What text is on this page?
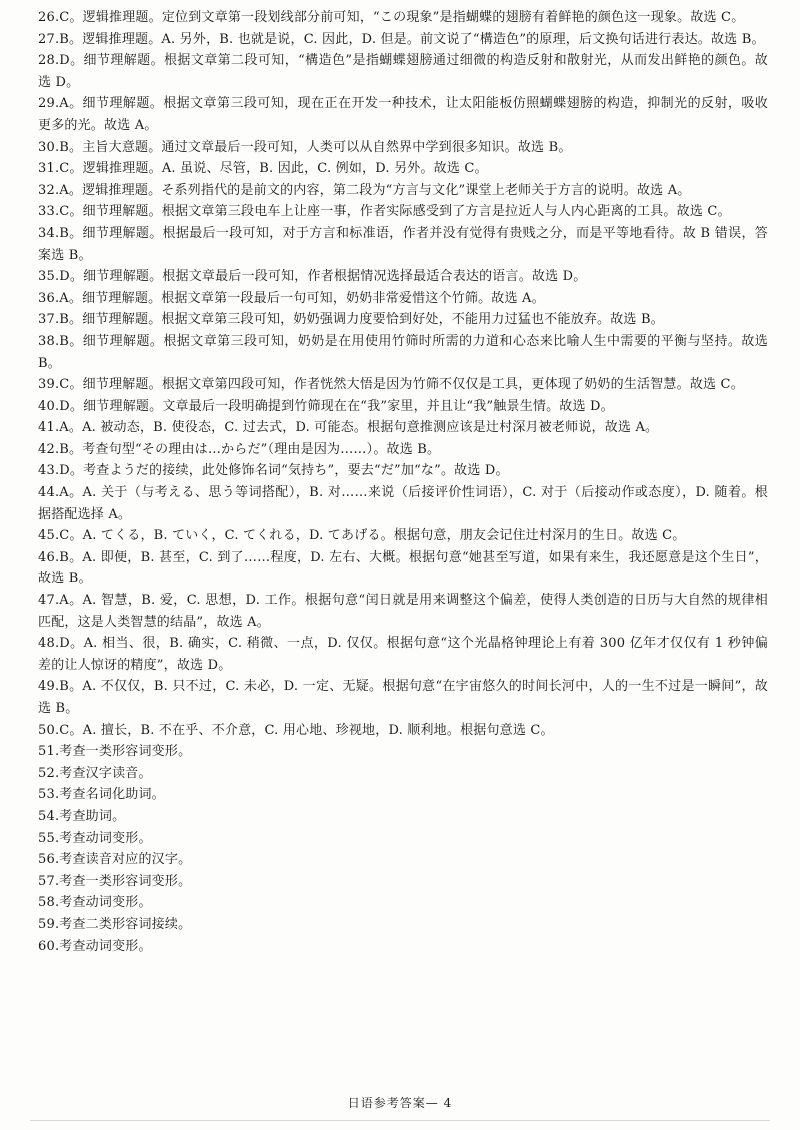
26.C。逻辑推理题。定位到文章第一段划线部分前可知，“この現象”是指蝴蝶的翅膀有着鲜艳的颜色这一现象。故选 C。

27.B。逻辑推理题。A. 另外，B. 也就是说，C. 因此，D. 但是。前文说了“構造色”的原理，后文换句话进行表达。故选 B。

28.D。细节理解题。根据文章第二段可知，“構造色”是指蝴蝶翅膀通过细微的构造反射和散射光，从而发出鲜艳的颜色。故选 D。

29.A。细节理解题。根据文章第三段可知，现在正在开发一种技术，让太阳能板仿照蝴蝶翅膀的构造，抑制光的反射，吸收更多的光。故选 A。

30.B。主旨大意题。通过文章最后一段可知，人类可以从自然界中学到很多知识。故选 B。

31.C。逻辑推理题。A. 虽说、尽管，B. 因此，C. 例如，D. 另外。故选 C。

32.A。逻辑推理题。そ系列指代的是前文的内容，第二段为“方言与文化”课堂上老师关于方言的说明。故选 A。

33.C。细节理解题。根据文章第三段电车上让座一事，作者实际感受到了方言是拉近人与人内心距离的工具。故选 C。

34.B。细节理解题。根据最后一段可知，对于方言和标准语，作者并没有觉得有贵贱之分，而是平等地看待。故 B 错误，答案选 B。

35.D。细节理解题。根据文章最后一段可知，作者根据情况选择最适合表达的语言。故选 D。

36.A。细节理解题。根据文章第一段最后一句可知，奶奶非常爱惜这个竹筛。故选 A。

37.B。细节理解题。根据文章第三段可知，奶奶强调力度要恰到好处，不能用力过猛也不能放弃。故选 B。

38.B。细节理解题。根据文章第三段可知，奶奶是在用使用竹筛时所需的力道和心态来比喻人生中需要的平衡与坚持。故选 B。

39.C。细节理解题。根据文章第四段可知，作者恍然大悟是因为竹筛不仅仅是工具，更体现了奶奶的生活智慧。故选 C。

40.D。细节理解题。文章最后一段明确提到竹筛现在在“我”家里，并且让“我”触景生情。故选 D。

41.A。A. 被动态，B. 使役态，C. 过去式，D. 可能态。根据句意推测应该是辻村深月被老师说，故选 A。

42.B。考查句型“その理由は…からだ”（理由是因为……）。故选 B。

43.D。考查ようだ的接续，此处修饰名词“気持ち”，要去“だ”加“な”。故选 D。

44.A。A. 关于（与考える、思う等词搭配），B. 对……来说（后接评价性词语），C. 对于（后接动作或态度），D. 随着。根据搭配选择 A。

45.C。A. てくる，B. ていく，C. てくれる，D. てあげる。根据句意，朋友会记住辻村深月的生日。故选 C。

46.B。A. 即便，B. 甚至，C. 到了……程度，D. 左右、大概。根据句意“她甚至写道，如果有来生，我还愿意是这个生日”，故选 B。

47.A。A. 智慧，B. 爱，C. 思想，D. 工作。根据句意“闰日就是用来调整这个偏差，使得人类创造的日历与大自然的规律相匹配，这是人类智慧的结晶”，故选 A。

48.D。A. 相当、很，B. 确实，C. 稍微、一点，D. 仅仅。根据句意“这个光晶格钟理论上有着 300 亿年才仅仅有 1 秒钟偏差的让人惊讶的精度”，故选 D。

49.B。A. 不仅仅，B. 只不过，C. 未必，D. 一定、无疑。根据句意“在宇宙悠久的时间长河中，人的一生不过是一瞬间”，故选 B。

50.C。A. 擅长，B. 不在乎、不介意，C. 用心地、珍视地，D. 顺利地。根据句意选 C。

51.考查一类形容词变形。

52.考查汉字读音。

53.考查名词化助词。

54.考查助词。

55.考查动词变形。

56.考查读音对应的汉字。

57.考查一类形容词变形。

58.考查动词变形。

59.考查二类形容词接续。

60.考查动词变形。

日语参考答案— 4
